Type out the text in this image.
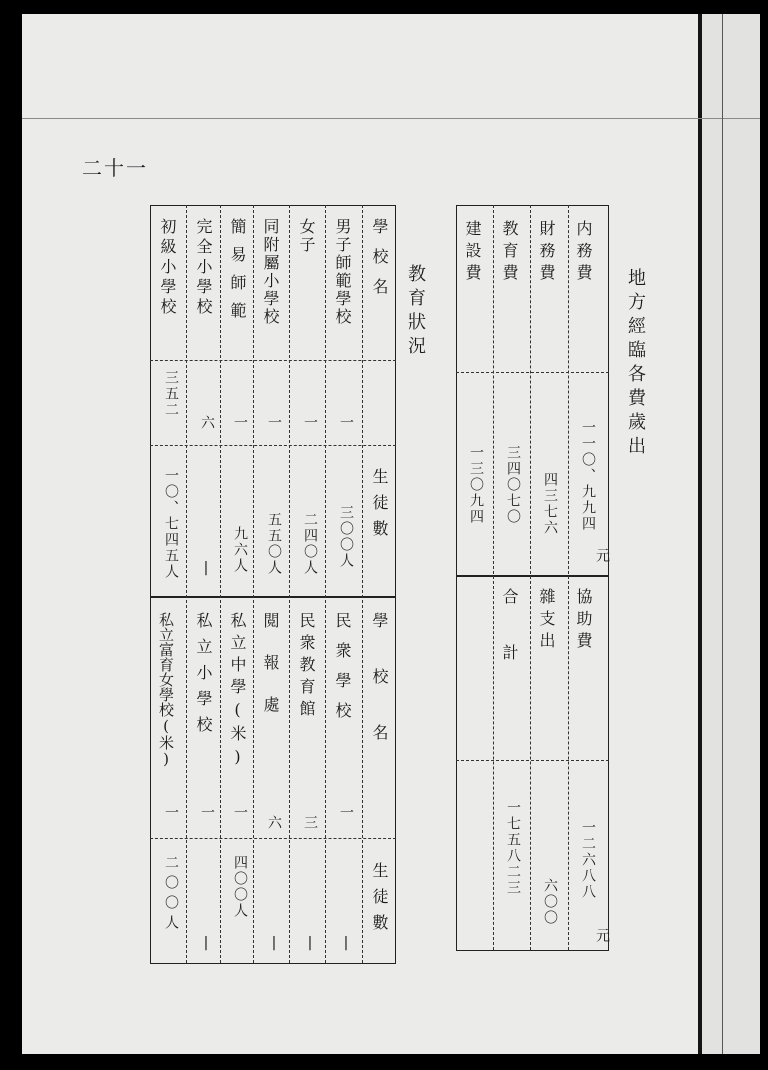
二十一
地方經臨各費歲出
内務費
一一〇、九九四
元
財務費
四三七六
教育費
三四〇七〇
建設費
一三〇九四
協助費
一二六八八
元
雜支出
六〇〇
合計
一七五八二三
教育狀況
學校名
生徒數
學校名
生徒數
男子師範學校
一
三〇〇人
女子
一
二四〇人
同附屬小學校
一
五五〇人
簡易師範
一
九六人
完全小學校
六
|
初級小學校
三五二
一〇、七四五人
民衆學校
一
|
民衆教育館
三
|
閲報處
六
|
私立中學(米)
一
四〇〇人
私立小學校
一
|
私立富育女學校(米)
一
二〇〇人
